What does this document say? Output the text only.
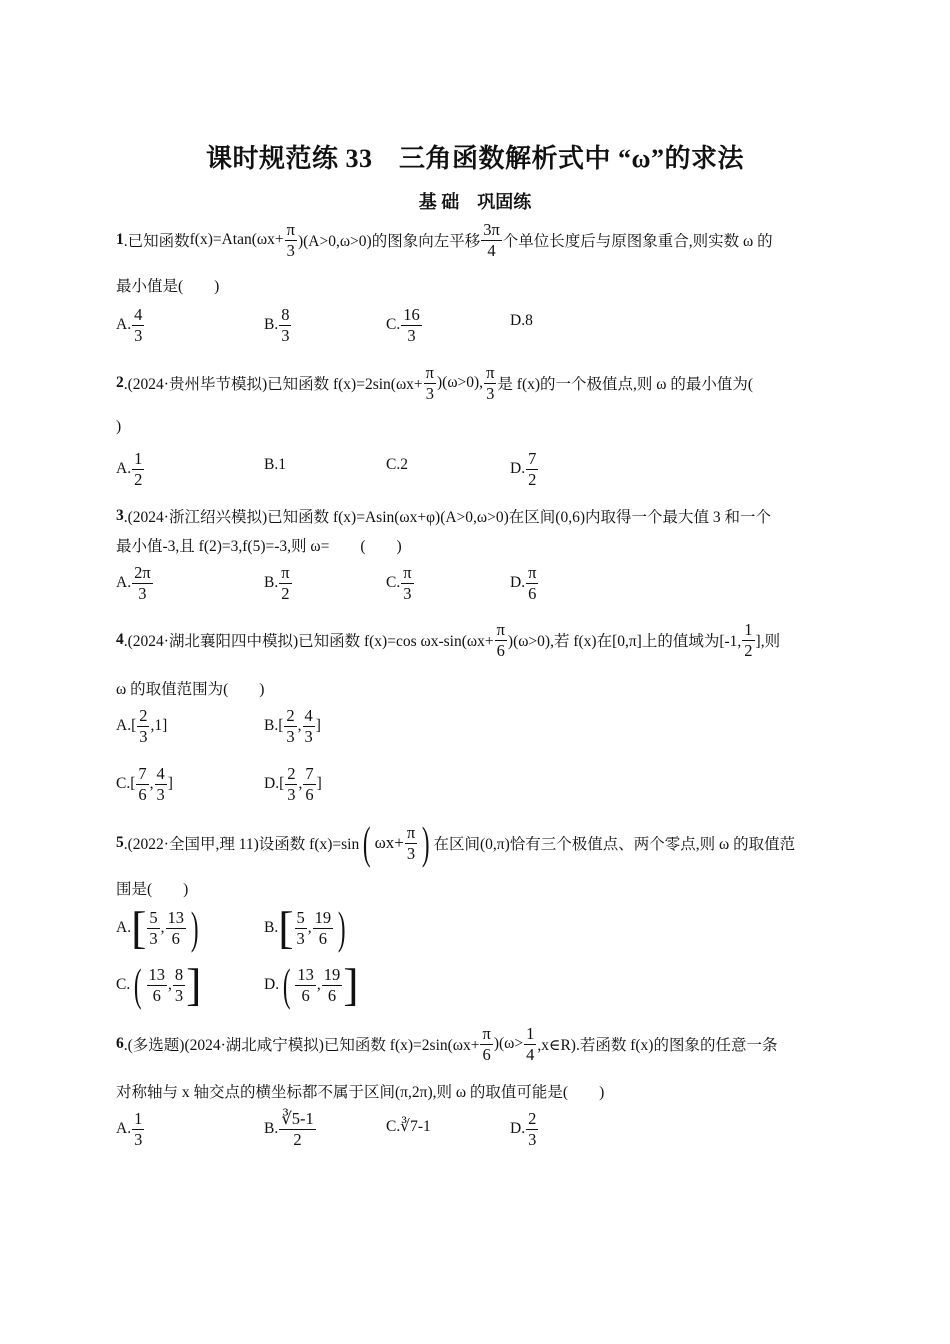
课时规范练 33　三角函数解析式中 “ω”的求法
基 础　巩固练
1 .已知函数 $f(x)=Atan(\omega x+ \frac{\pi}{3} )(A>0,\omega>0)$的图象向左平移 $\frac{3\pi}{4}$ 个单位长度后与原图象重合,则实数 ω 的
最小值是(　　)
A. $\frac{4}{3}$	B. $\frac{8}{3}$	C. $\frac{16}{3}$	D.8
2 .(2024·贵州毕节模拟)已知函数 $f(x)=2\sin(\omega x+ \frac{\pi}{3} )(\omega>0)$, $\frac{\pi}{3}$ 是 f(x)的一个极值点,则 ω 的最小值为(
)
A. $\frac{1}{2}$	B.1	C.2	D. $\frac{7}{2}$
3 .(2024·浙江绍兴模拟)已知函数 f(x)=Asin(ωx+φ)(A>0,ω>0)在区间(0,6)内取得一个最大值 3 和一个
最小值-3,且 f(2)=3,f(5)=-3,则 ω=　　(　　)
A. $\frac{2\pi}{3}$	B. $\frac{\pi}{2}$	C. $\frac{\pi}{3}$	D. $\frac{\pi}{6}$
4 .(2024·湖北襄阳四中模拟)已知函数 f(x)=cos $\omega x-\sin(\omega x+ \frac{\pi}{6} )(\omega>0)$,若 f(x)在[0,π]上的值域为[-1, $\frac{1}{2}$ ],则
ω 的取值范围为(　　)
$A.[ \frac{2}{3} ,1]$	$B.[ \frac{2}{3}$ , $\frac{4}{3}$ ]
$C.[ \frac{7}{6}$ , $\frac{4}{3}$ ]	$D.[ \frac{2}{3}$ , $\frac{7}{6}$ ]
5 .(2022·全国甲,理 11)设函数 f(x)=sin ( $\omega x+ \frac{\pi}{3}$ ) 在区间(0,π)恰有三个极值点、两个零点,则 ω 的取值范
围是(　　)
A. [ $\frac{5}{3}$ , $\frac{13}{6}$ )	B. [ $\frac{5}{3}$ , $\frac{19}{6}$ )
C. ( $\frac{13}{6}$ , $\frac{8}{3}$ ]	D. ( $\frac{13}{6}$ , $\frac{19}{6}$ ]
6 .(多选题)(2024·湖北咸宁模拟)已知函数 $f(x)=2\sin(\omega x+ \frac{\pi}{6} )(\omega> \frac{1}{4}$ ,x∈R).若函数 f(x)的图象的任意一条
对称轴与 x 轴交点的横坐标都不属于区间(π,2π),则 ω 的取值可能是(　　)
A. $\frac{1}{3}$	B. $\frac{∛5-1}{2}$	C.∛7-1	D. $\frac{2}{3}$
